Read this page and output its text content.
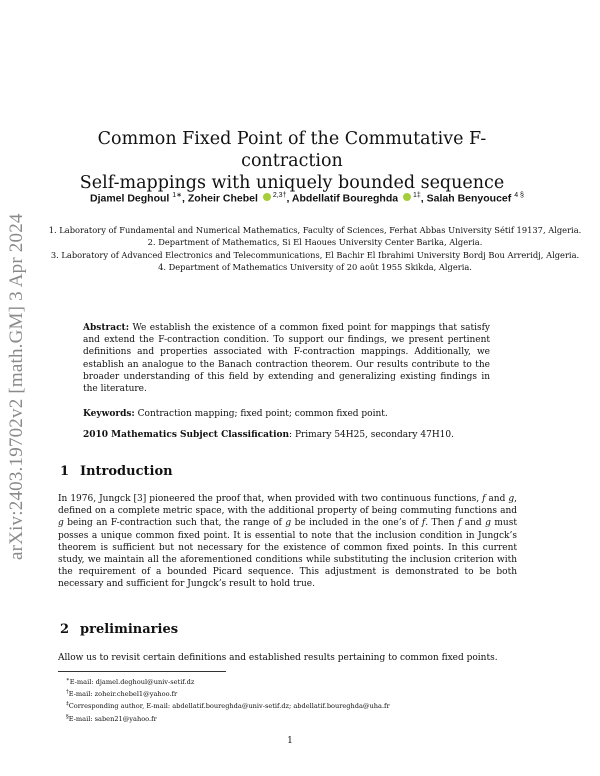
arXiv:2403.19702v2 [math.GM] 3 Apr 2024
Common Fixed Point of the Commutative F-contraction
Self-mappings with uniquely bounded sequence
Djamel Deghoul $^{1∗}$, Zoheir Chebel $^{2,3\dagger}$, Abdellatif Boureghda $^{1\ddagger}$, Salah Benyoucef $^{4 \S}$
1. Laboratory of Fundamental and Numerical Mathematics, Faculty of Sciences, Ferhat Abbas University Sétif 19137, Algeria.
2. Department of Mathematics, Si El Haoues University Center Barika, Algeria.
3. Laboratory of Advanced Electronics and Telecommunications, El Bachir El Ibrahimi University Bordj Bou Arreridj, Algeria.
4. Department of Mathematics University of 20 août 1955 Skikda, Algeria.
Abstract: We establish the existence of a common fixed point for mappings that satisfy and extend the F-contraction condition. To support our findings, we present pertinent definitions and properties associated with F-contraction mappings. Additionally, we establish an analogue to the Banach contraction theorem. Our results contribute to the broader understanding of this field by extending and generalizing existing findings in the literature.
Keywords: Contraction mapping; fixed point; common fixed point.
2010 Mathematics Subject Classification: Primary 54H25, secondary 47H10.
1 Introduction
In 1976, Jungck [3] pioneered the proof that, when provided with two continuous functions, f and g, defined on a complete metric space, with the additional property of being commuting functions and g being an F-contraction such that, the range of g be included in the one’s of f. Then f and g must posses a unique common fixed point. It is essential to note that the inclusion condition in Jungck’s theorem is sufficient but not necessary for the existence of common fixed points. In this current study, we maintain all the aforementioned conditions while substituting the inclusion criterion with the requirement of a bounded Picard sequence. This adjustment is demonstrated to be both necessary and sufficient for Jungck’s result to hold true.
2 preliminaries
Allow us to revisit certain definitions and established results pertaining to common fixed points.
∗E-mail: djamel.deghoul@univ-setif.dz
†E-mail: zoheir.chebel1@yahoo.fr
‡Corresponding author, E-mail: abdellatif.boureghda@univ-setif.dz; abdellatif.boureghda@uha.fr
§E-mail: saben21@yahoo.fr
1
